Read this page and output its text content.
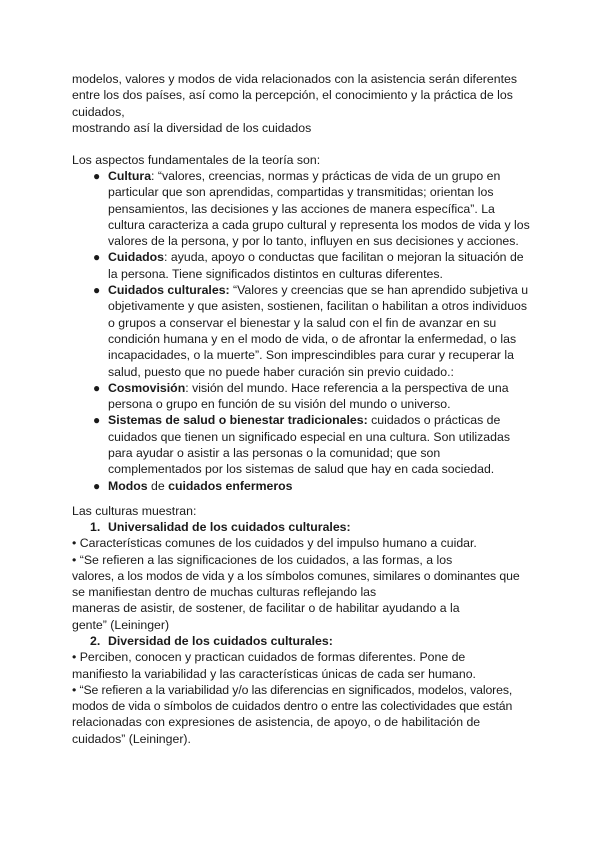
modelos, valores y modos de vida relacionados con la asistencia serán diferentes

entre los dos países, así como la percepción, el conocimiento y la práctica de los

cuidados,

mostrando así la diversidad de los cuidados

Los aspectos fundamentales de la teoría son:
● Cultura: “valores, creencias, normas y prácticas de vida de un grupo en particular que son aprendidas, compartidas y transmitidas; orientan los pensamientos, las decisiones y las acciones de manera específica”. La cultura caracteriza a cada grupo cultural y representa los modos de vida y los valores de la persona, y por lo tanto, influyen en sus decisiones y acciones.
● Cuidados: ayuda, apoyo o conductas que facilitan o mejoran la situación de la persona. Tiene significados distintos en culturas diferentes.
● Cuidados culturales: “Valores y creencias que se han aprendido subjetiva u objetivamente y que asisten, sostienen, facilitan o habilitan a otros individuos o grupos a conservar el bienestar y la salud con el fin de avanzar en su condición humana y en el modo de vida, o de afrontar la enfermedad, o las incapacidades, o la muerte”. Son imprescindibles para curar y recuperar la salud, puesto que no puede haber curación sin previo cuidado.:
● Cosmovisión: visión del mundo. Hace referencia a la perspectiva de una persona o grupo en función de su visión del mundo o universo.
● Sistemas de salud o bienestar tradicionales: cuidados o prácticas de cuidados que tienen un significado especial en una cultura. Son utilizadas para ayudar o asistir a las personas o la comunidad; que son complementados por los sistemas de salud que hay en cada sociedad.
● Modos de cuidados enfermeros
Las culturas muestran:
1. Universalidad de los cuidados culturales:

• Características comunes de los cuidados y del impulso humano a cuidar.

• “Se refieren a las significaciones de los cuidados, a las formas, a los

valores, a los modos de vida y a los símbolos comunes, similares o dominantes que

se manifiestan dentro de muchas culturas reflejando las

maneras de asistir, de sostener, de facilitar o de habilitar ayudando a la

gente” (Leininger)

2. Diversidad de los cuidados culturales:

• Perciben, conocen y practican cuidados de formas diferentes. Pone de

manifiesto la variabilidad y las características únicas de cada ser humano.

• “Se refieren a la variabilidad y/o las diferencias en significados, modelos, valores,

modos de vida o símbolos de cuidados dentro o entre las colectividades que están

relacionadas con expresiones de asistencia, de apoyo, o de habilitación de

cuidados” (Leininger).
